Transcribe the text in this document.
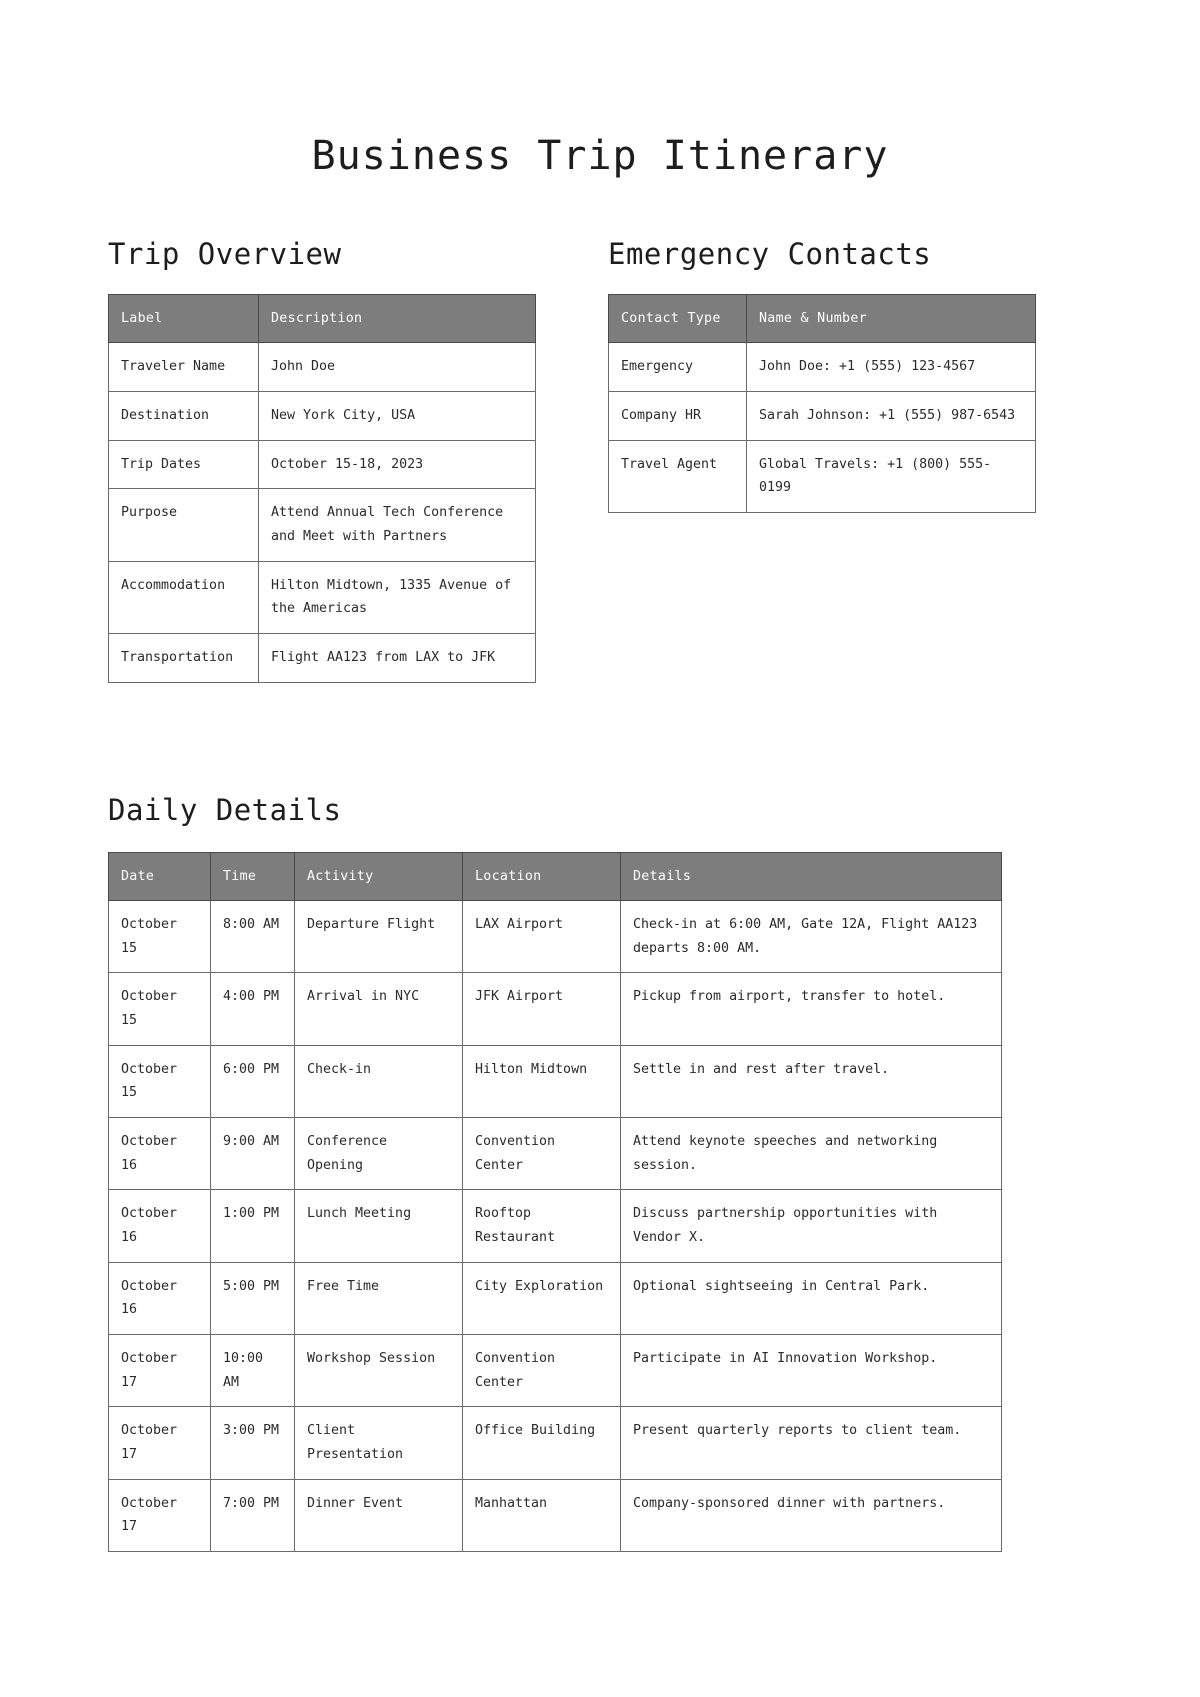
Business Trip Itinerary
Trip Overview
Label	Description
Traveler Name	John Doe
Destination	New York City, USA
Trip Dates	October 15-18, 2023
Purpose	Attend Annual Tech Conference and Meet with Partners
Accommodation	Hilton Midtown, 1335 Avenue of the Americas
Transportation	Flight AA123 from LAX to JFK
Emergency Contacts
Contact Type	Name & Number
Emergency	John Doe: +1 (555) 123-4567
Company HR	Sarah Johnson: +1 (555) 987-6543
Travel Agent	Global Travels: +1 (800) 555-0199
Daily Details
Date	Time	Activity	Location	Details
October 15	8:00 AM	Departure Flight	LAX Airport	Check-in at 6:00 AM, Gate 12A, Flight AA123 departs 8:00 AM.
October 15	4:00 PM	Arrival in NYC	JFK Airport	Pickup from airport, transfer to hotel.
October 15	6:00 PM	Check-in	Hilton Midtown	Settle in and rest after travel.
October 16	9:00 AM	Conference Opening	Convention Center	Attend keynote speeches and networking session.
October 16	1:00 PM	Lunch Meeting	Rooftop Restaurant	Discuss partnership opportunities with Vendor X.
October 16	5:00 PM	Free Time	City Exploration	Optional sightseeing in Central Park.
October 17	10:00 AM	Workshop Session	Convention Center	Participate in AI Innovation Workshop.
October 17	3:00 PM	Client Presentation	Office Building	Present quarterly reports to client team.
October 17	7:00 PM	Dinner Event	Manhattan	Company-sponsored dinner with partners.
